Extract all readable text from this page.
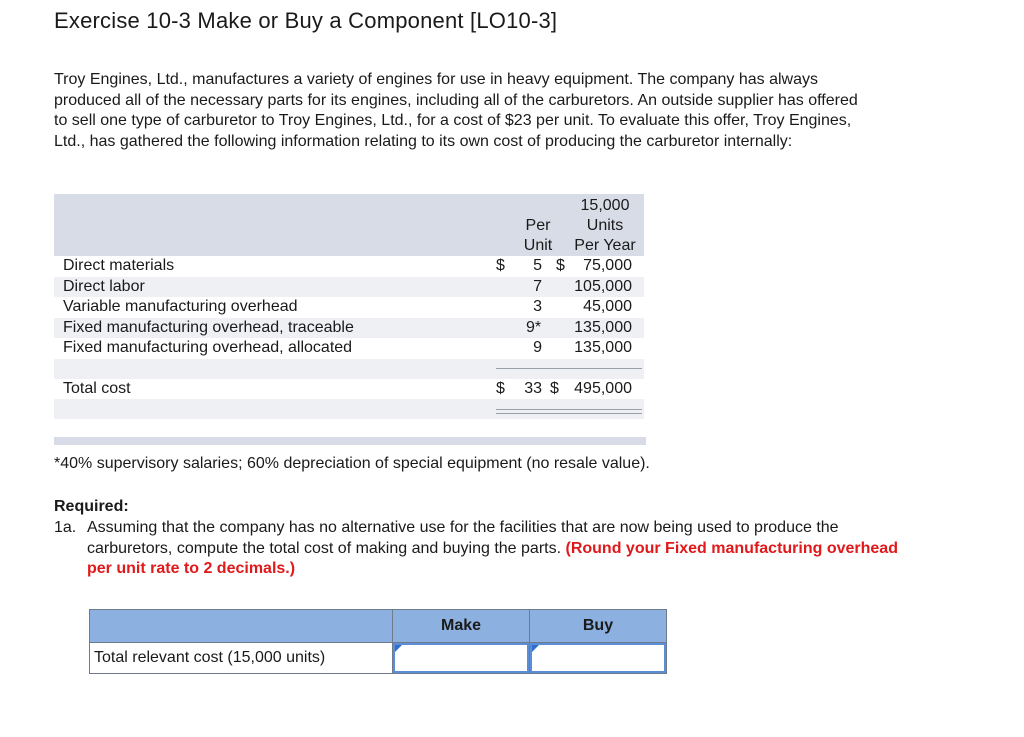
Exercise 10-3 Make or Buy a Component [LO10-3]
Troy Engines, Ltd., manufactures a variety of engines for use in heavy equipment. The company has always produced all of the necessary parts for its engines, including all of the carburetors. An outside supplier has offered to sell one type of carburetor to Troy Engines, Ltd., for a cost of $23 per unit. To evaluate this offer, Troy Engines, Ltd., has gathered the following information relating to its own cost of producing the carburetor internally:
Per
Unit
15,000
Units
Per Year
Direct materials	$	5 $ 75,000
Direct labor	7 105,000
Variable manufacturing overhead	3	45,000
Fixed manufacturing overhead, traceable	9*	135,000
Fixed manufacturing overhead, allocated	9 135,000
Total cost	$	33 $ 495,000
*40% supervisory salaries; 60% depreciation of special equipment (no resale value).
Required:
1a. Assuming that the company has no alternative use for the facilities that are now being used to produce the carburetors, compute the total cost of making and buying the parts. (Round your Fixed manufacturing overhead per unit rate to 2 decimals.)
	Make	Buy
Total relevant cost (15,000 units)	
